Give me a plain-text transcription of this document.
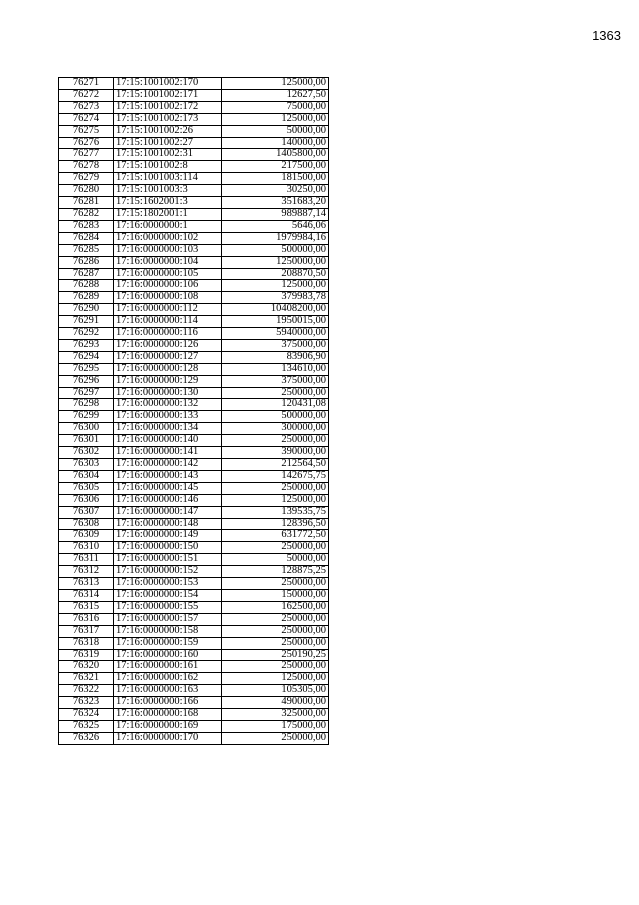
1363
76271	17:15:1001002:170	125000,00
76272	17:15:1001002:171	12627,50
76273	17:15:1001002:172	75000,00
76274	17:15:1001002:173	125000,00
76275	17:15:1001002:26	50000,00
76276	17:15:1001002:27	140000,00
76277	17:15:1001002:31	1405800,00
76278	17:15:1001002:8	217500,00
76279	17:15:1001003:114	181500,00
76280	17:15:1001003:3	30250,00
76281	17:15:1602001:3	351683,20
76282	17:15:1802001:1	989887,14
76283	17:16:0000000:1	5646,06
76284	17:16:0000000:102	1979984,16
76285	17:16:0000000:103	500000,00
76286	17:16:0000000:104	1250000,00
76287	17:16:0000000:105	208870,50
76288	17:16:0000000:106	125000,00
76289	17:16:0000000:108	379983,78
76290	17:16:0000000:112	10408200,00
76291	17:16:0000000:114	1950015,00
76292	17:16:0000000:116	5940000,00
76293	17:16:0000000:126	375000,00
76294	17:16:0000000:127	83906,90
76295	17:16:0000000:128	134610,00
76296	17:16:0000000:129	375000,00
76297	17:16:0000000:130	250000,00
76298	17:16:0000000:132	120431,08
76299	17:16:0000000:133	500000,00
76300	17:16:0000000:134	300000,00
76301	17:16:0000000:140	250000,00
76302	17:16:0000000:141	390000,00
76303	17:16:0000000:142	212564,50
76304	17:16:0000000:143	142675,75
76305	17:16:0000000:145	250000,00
76306	17:16:0000000:146	125000,00
76307	17:16:0000000:147	139535,75
76308	17:16:0000000:148	128396,50
76309	17:16:0000000:149	631772,50
76310	17:16:0000000:150	250000,00
76311	17:16:0000000:151	50000,00
76312	17:16:0000000:152	128875,25
76313	17:16:0000000:153	250000,00
76314	17:16:0000000:154	150000,00
76315	17:16:0000000:155	162500,00
76316	17:16:0000000:157	250000,00
76317	17:16:0000000:158	250000,00
76318	17:16:0000000:159	250000,00
76319	17:16:0000000:160	250190,25
76320	17:16:0000000:161	250000,00
76321	17:16:0000000:162	125000,00
76322	17:16:0000000:163	105305,00
76323	17:16:0000000:166	490000,00
76324	17:16:0000000:168	325000,00
76325	17:16:0000000:169	175000,00
76326	17:16:0000000:170	250000,00
